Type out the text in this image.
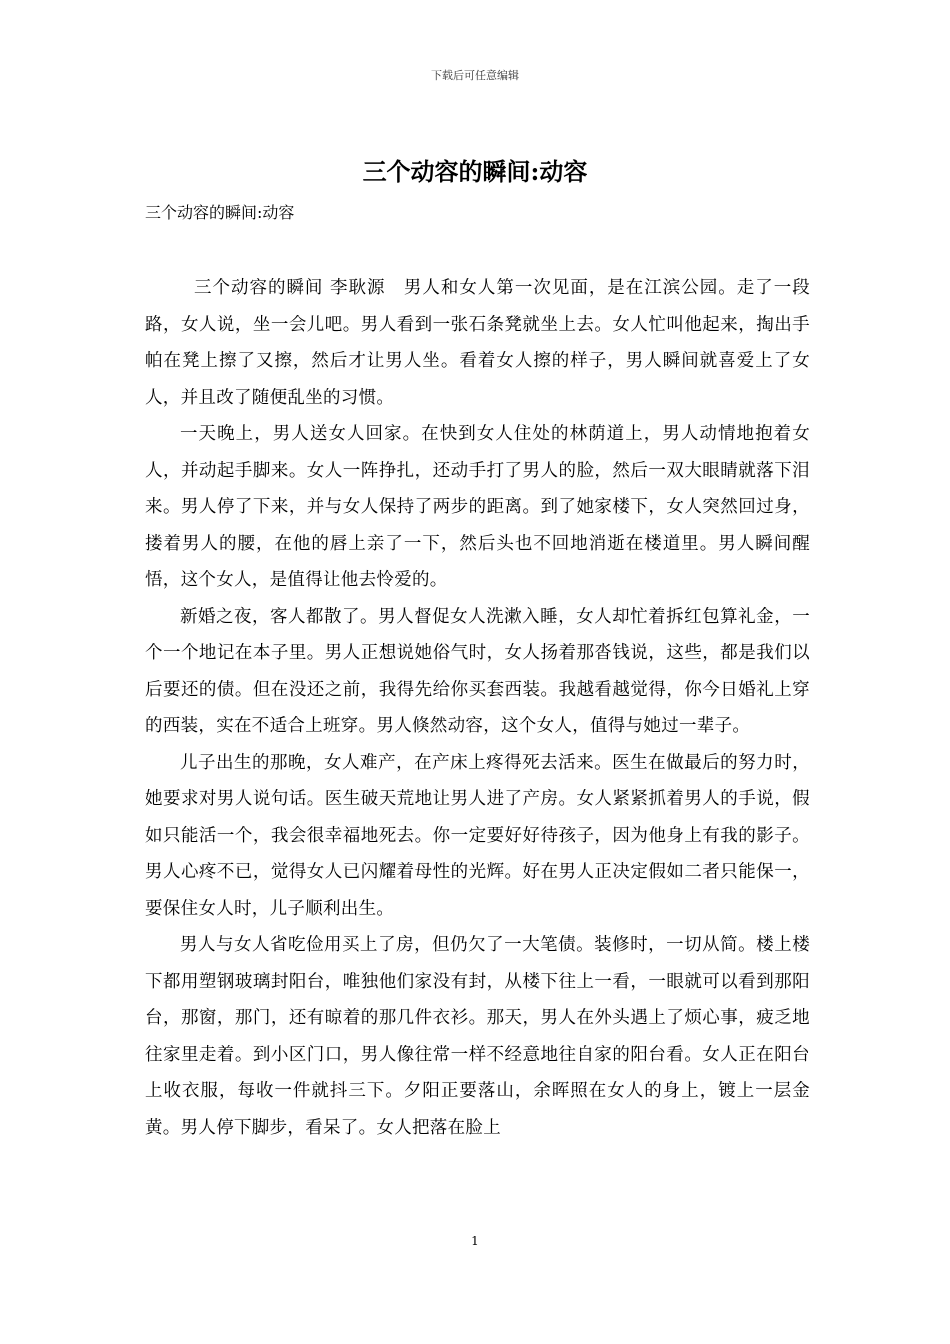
下载后可任意编辑
三个动容的瞬间:动容

三个动容的瞬间:动容

三个动容的瞬间 李耿源　男人和女人第一次见面，是在江滨公园。走了一段路，女人说，坐一会儿吧。男人看到一张石条凳就坐上去。女人忙叫他起来，掏出手帕在凳上擦了又擦，然后才让男人坐。看着女人擦的样子，男人瞬间就喜爱上了女人，并且改了随便乱坐的习惯。

一天晚上，男人送女人回家。在快到女人住处的林荫道上，男人动情地抱着女人，并动起手脚来。女人一阵挣扎，还动手打了男人的脸，然后一双大眼睛就落下泪来。男人停了下来，并与女人保持了两步的距离。到了她家楼下，女人突然回过身，搂着男人的腰，在他的唇上亲了一下，然后头也不回地消逝在楼道里。男人瞬间醒悟，这个女人，是值得让他去怜爱的。

新婚之夜，客人都散了。男人督促女人洗漱入睡，女人却忙着拆红包算礼金，一个一个地记在本子里。男人正想说她俗气时，女人扬着那沓钱说，这些，都是我们以后要还的债。但在没还之前，我得先给你买套西装。我越看越觉得，你今日婚礼上穿的西装，实在不适合上班穿。男人倏然动容，这个女人，值得与她过一辈子。

儿子出生的那晚，女人难产，在产床上疼得死去活来。医生在做最后的努力时，她要求对男人说句话。医生破天荒地让男人进了产房。女人紧紧抓着男人的手说，假如只能活一个，我会很幸福地死去。你一定要好好待孩子，因为他身上有我的影子。男人心疼不已，觉得女人已闪耀着母性的光辉。好在男人正决定假如二者只能保一，要保住女人时，儿子顺利出生。

男人与女人省吃俭用买上了房，但仍欠了一大笔债。装修时，一切从简。楼上楼下都用塑钢玻璃封阳台，唯独他们家没有封，从楼下往上一看，一眼就可以看到那阳台，那窗，那门，还有晾着的那几件衣衫。那天，男人在外头遇上了烦心事，疲乏地往家里走着。到小区门口，男人像往常一样不经意地往自家的阳台看。女人正在阳台上收衣服，每收一件就抖三下。夕阳正要落山，余晖照在女人的身上，镀上一层金黄。男人停下脚步，看呆了。女人把落在脸上

1
